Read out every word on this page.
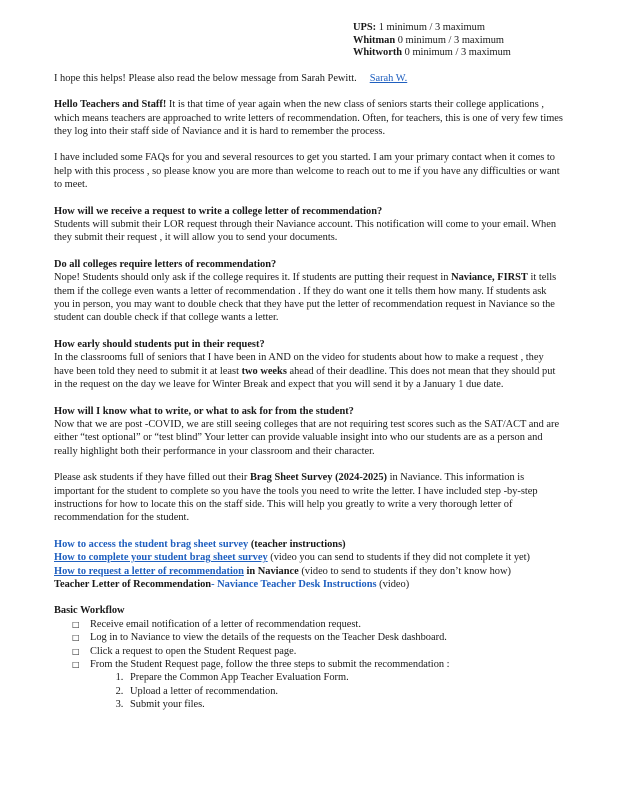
UPS: 1 minimum / 3 maximum
Whitman 0 minimum / 3 maximum
Whitworth 0 minimum / 3 maximum

I hope this helps! Please also read the below message from Sarah Pewitt. Sarah W.

Hello Teachers and Staff! It is that time of year again when the new class of seniors starts their college applications , which means teachers are approached to write letters of recommendation. Often, for teachers, this is one of very few times they log into their staff side of Naviance and it is hard to remember the process.

I have included some FAQs for you and several resources to get you started. I am your primary contact when it comes to help with this process , so please know you are more than welcome to reach out to me if you have any difficulties or want to meet.

How will we receive a request to write a college letter of recommendation?

Students will submit their LOR request through their Naviance account. This notification will come to your email. When they submit their request , it will allow you to send your documents.

Do all colleges require letters of recommendation?

Nope! Students should only ask if the college requires it. If students are putting their request in Naviance, FIRST it tells them if the college even wants a letter of recommendation . If they do want one it tells them how many. If students ask you in person, you may want to double check that they have put the letter of recommendation request in Naviance so the student can double check if that college wants a letter.

How early should students put in their request?

In the classrooms full of seniors that I have been in AND on the video for students about how to make a request , they have been told they need to submit it at least two weeks ahead of their deadline. This does not mean that they should put in the request on the day we leave for Winter Break and expect that you will send it by a January 1 due date.

How will I know what to write, or what to ask for from the student?

Now that we are post -COVID, we are still seeing colleges that are not requiring test scores such as the SAT/ACT and are either “test optional” or “test blind” Your letter can provide valuable insight into who our students are as a person and really highlight both their performance in your classroom and their character.

Please ask students if they have filled out their Brag Sheet Survey (2024-2025) in Naviance. This information is important for the student to complete so you have the tools you need to write the letter. I have included step -by-step instructions for how to locate this on the staff side. This will help you greatly to write a very thorough letter of recommendation for the student.

How to access the student brag sheet survey (teacher instructions)

How to complete your student brag sheet survey (video you can send to students if they did not complete it yet)

How to request a letter of recommendation in Naviance (video to send to students if they don’t know how)

Teacher Letter of Recommendation- Naviance Teacher Desk Instructions (video)

Basic Workflow

□ Receive email notification of a letter of recommendation request.
□ Log in to Naviance to view the details of the requests on the Teacher Desk dashboard.
□ Click a request to open the Student Request page.
□ From the Student Request page, follow the three steps to submit the recommendation :
1. Prepare the Common App Teacher Evaluation Form.
2. Upload a letter of recommendation.
3. Submit your files.
